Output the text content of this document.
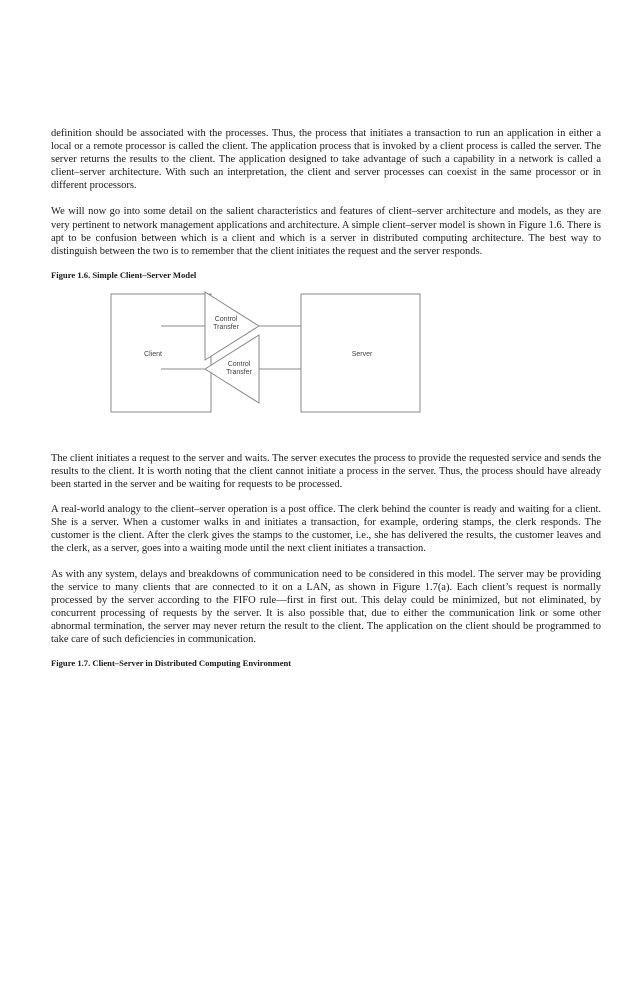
definition should be associated with the processes. Thus, the process that initiates a transaction to run an application in either a local or a remote processor is called the client. The application process that is invoked by a client process is called the server. The server returns the results to the client. The application designed to take advantage of such a capability in a network is called a client–server architecture. With such an interpretation, the client and server processes can coexist in the same processor or in different processors.

We will now go into some detail on the salient characteristics and features of client–server architecture and models, as they are very pertinent to network management applications and architecture. A simple client–server model is shown in Figure 1.6. There is apt to be confusion between which is a client and which is a server in distributed computing architecture. The best way to distinguish between the two is to remember that the client initiates the request and the server responds.

Figure 1.6. Simple Client–Server Model

Client	Server
Control
Transfer
Control
Transfer

The client initiates a request to the server and waits. The server executes the process to provide the requested service and sends the results to the client. It is worth noting that the client cannot initiate a process in the server. Thus, the process should have already been started in the server and be waiting for requests to be processed.

A real-world analogy to the client–server operation is a post office. The clerk behind the counter is ready and waiting for a client. She is a server. When a customer walks in and initiates a transaction, for example, ordering stamps, the clerk responds. The customer is the client. After the clerk gives the stamps to the customer, i.e., she has delivered the results, the customer leaves and the clerk, as a server, goes into a waiting mode until the next client initiates a transaction.

As with any system, delays and breakdowns of communication need to be considered in this model. The server may be providing the service to many clients that are connected to it on a LAN, as shown in Figure 1.7(a). Each client’s request is normally processed by the server according to the FIFO rule—first in first out. This delay could be minimized, but not eliminated, by concurrent processing of requests by the server. It is also possible that, due to either the communication link or some other abnormal termination, the server may never return the result to the client. The application on the client should be programmed to take care of such deficiencies in communication.

Figure 1.7. Client–Server in Distributed Computing Environment
